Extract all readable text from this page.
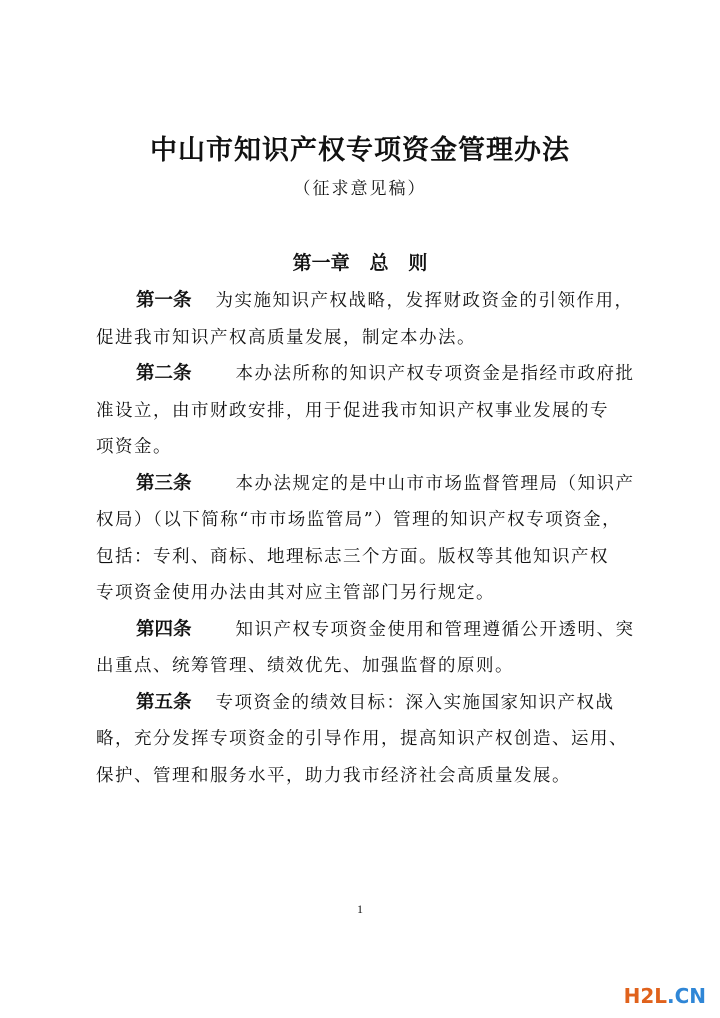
中山市知识产权专项资金管理办法
（征求意见稿）
第一章   总   则
第一条 为实施知识产权战略，发挥财政资金的引领作用，
促进我市知识产权高质量发展，制定本办法。
第二条	本办法所称的知识产权专项资金是指经市政府批
准设立，由市财政安排，用于促进我市知识产权事业发展的专
项资金。
第三条	本办法规定的是中山市市场监督管理局（知识产
权局）（以下简称“市市场监管局”）管理的知识产权专项资金，
包括：专利、商标、地理标志三个方面。版权等其他知识产权
专项资金使用办法由其对应主管部门另行规定。
第四条	知识产权专项资金使用和管理遵循公开透明、突
出重点、统筹管理、绩效优先、加强监督的原则。
第五条 专项资金的绩效目标：深入实施国家知识产权战
略，充分发挥专项资金的引导作用，提高知识产权创造、运用、
保护、管理和服务水平，助力我市经济社会高质量发展。
1
H2L.CN
